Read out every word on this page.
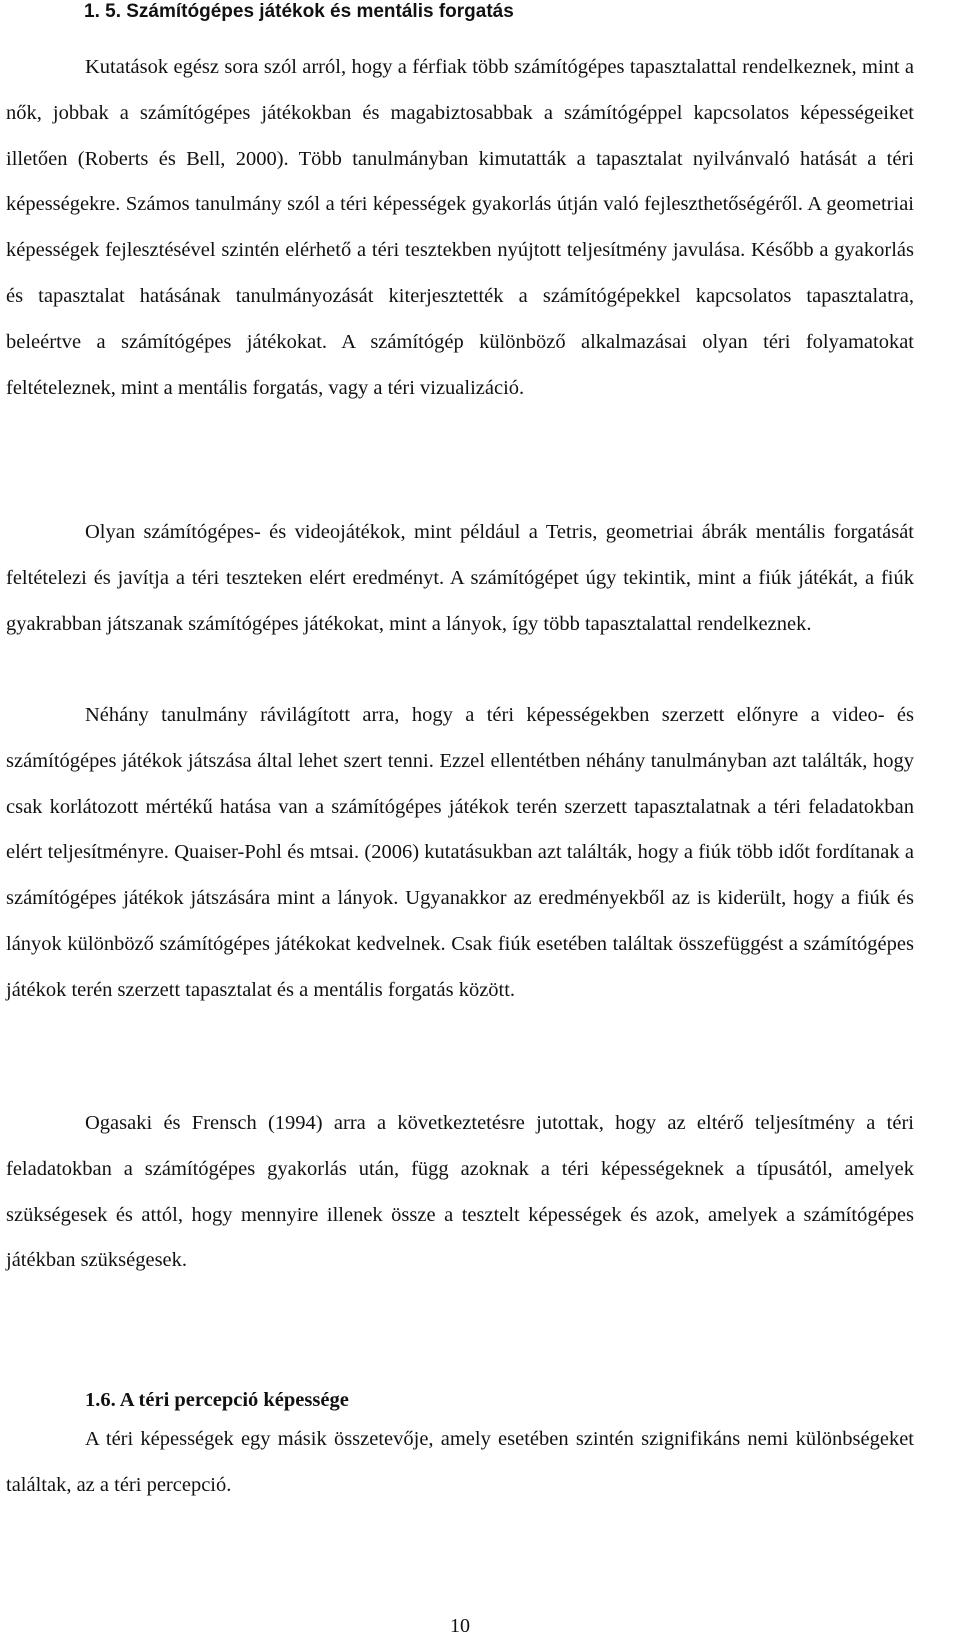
1. 5. Számítógépes játékok és mentális forgatás

Kutatások egész sora szól arról, hogy a férfiak több számítógépes tapasztalattal rendelkeznek, mint a nők, jobbak a számítógépes játékokban és magabiztosabbak a számítógéppel kapcsolatos képességeiket illetően (Roberts és Bell, 2000). Több tanulmányban kimutatták a tapasztalat nyilvánvaló hatását a téri képességekre. Számos tanulmány szól a téri képességek gyakorlás útján való fejleszthetőségéről. A geometriai képességek fejlesztésével szintén elérhető a téri tesztekben nyújtott teljesítmény javulása. Később a gyakorlás és tapasztalat hatásának tanulmányozását kiterjesztették a számítógépekkel kapcsolatos tapasztalatra, beleértve a számítógépes játékokat. A számítógép különböző alkalmazásai olyan téri folyamatokat feltételeznek, mint a mentális forgatás, vagy a téri vizualizáció.

Olyan számítógépes- és videojátékok, mint például a Tetris, geometriai ábrák mentális forgatását feltételezi és javítja a téri teszteken elért eredményt. A számítógépet úgy tekintik, mint a fiúk játékát, a fiúk gyakrabban játszanak számítógépes játékokat, mint a lányok, így több tapasztalattal rendelkeznek.

Néhány tanulmány rávilágított arra, hogy a téri képességekben szerzett előnyre a video- és számítógépes játékok játszása által lehet szert tenni. Ezzel ellentétben néhány tanulmányban azt találták, hogy csak korlátozott mértékű hatása van a számítógépes játékok terén szerzett tapasztalatnak a téri feladatokban elért teljesítményre. Quaiser-Pohl és mtsai. (2006) kutatásukban azt találták, hogy a fiúk több időt fordítanak a számítógépes játékok játszására mint a lányok. Ugyanakkor az eredményekből az is kiderült, hogy a fiúk és lányok különböző számítógépes játékokat kedvelnek. Csak fiúk esetében találtak összefüggést a számítógépes játékok terén szerzett tapasztalat és a mentális forgatás között.

Ogasaki és Frensch (1994) arra a következtetésre jutottak, hogy az eltérő teljesítmény a téri feladatokban a számítógépes gyakorlás után, függ azoknak a téri képességeknek a típusától, amelyek szükségesek és attól, hogy mennyire illenek össze a tesztelt képességek és azok, amelyek a számítógépes játékban szükségesek.

1.6. A téri percepció képessége

A téri képességek egy másik összetevője, amely esetében szintén szignifikáns nemi különbségeket találtak, az a téri percepció.

10
